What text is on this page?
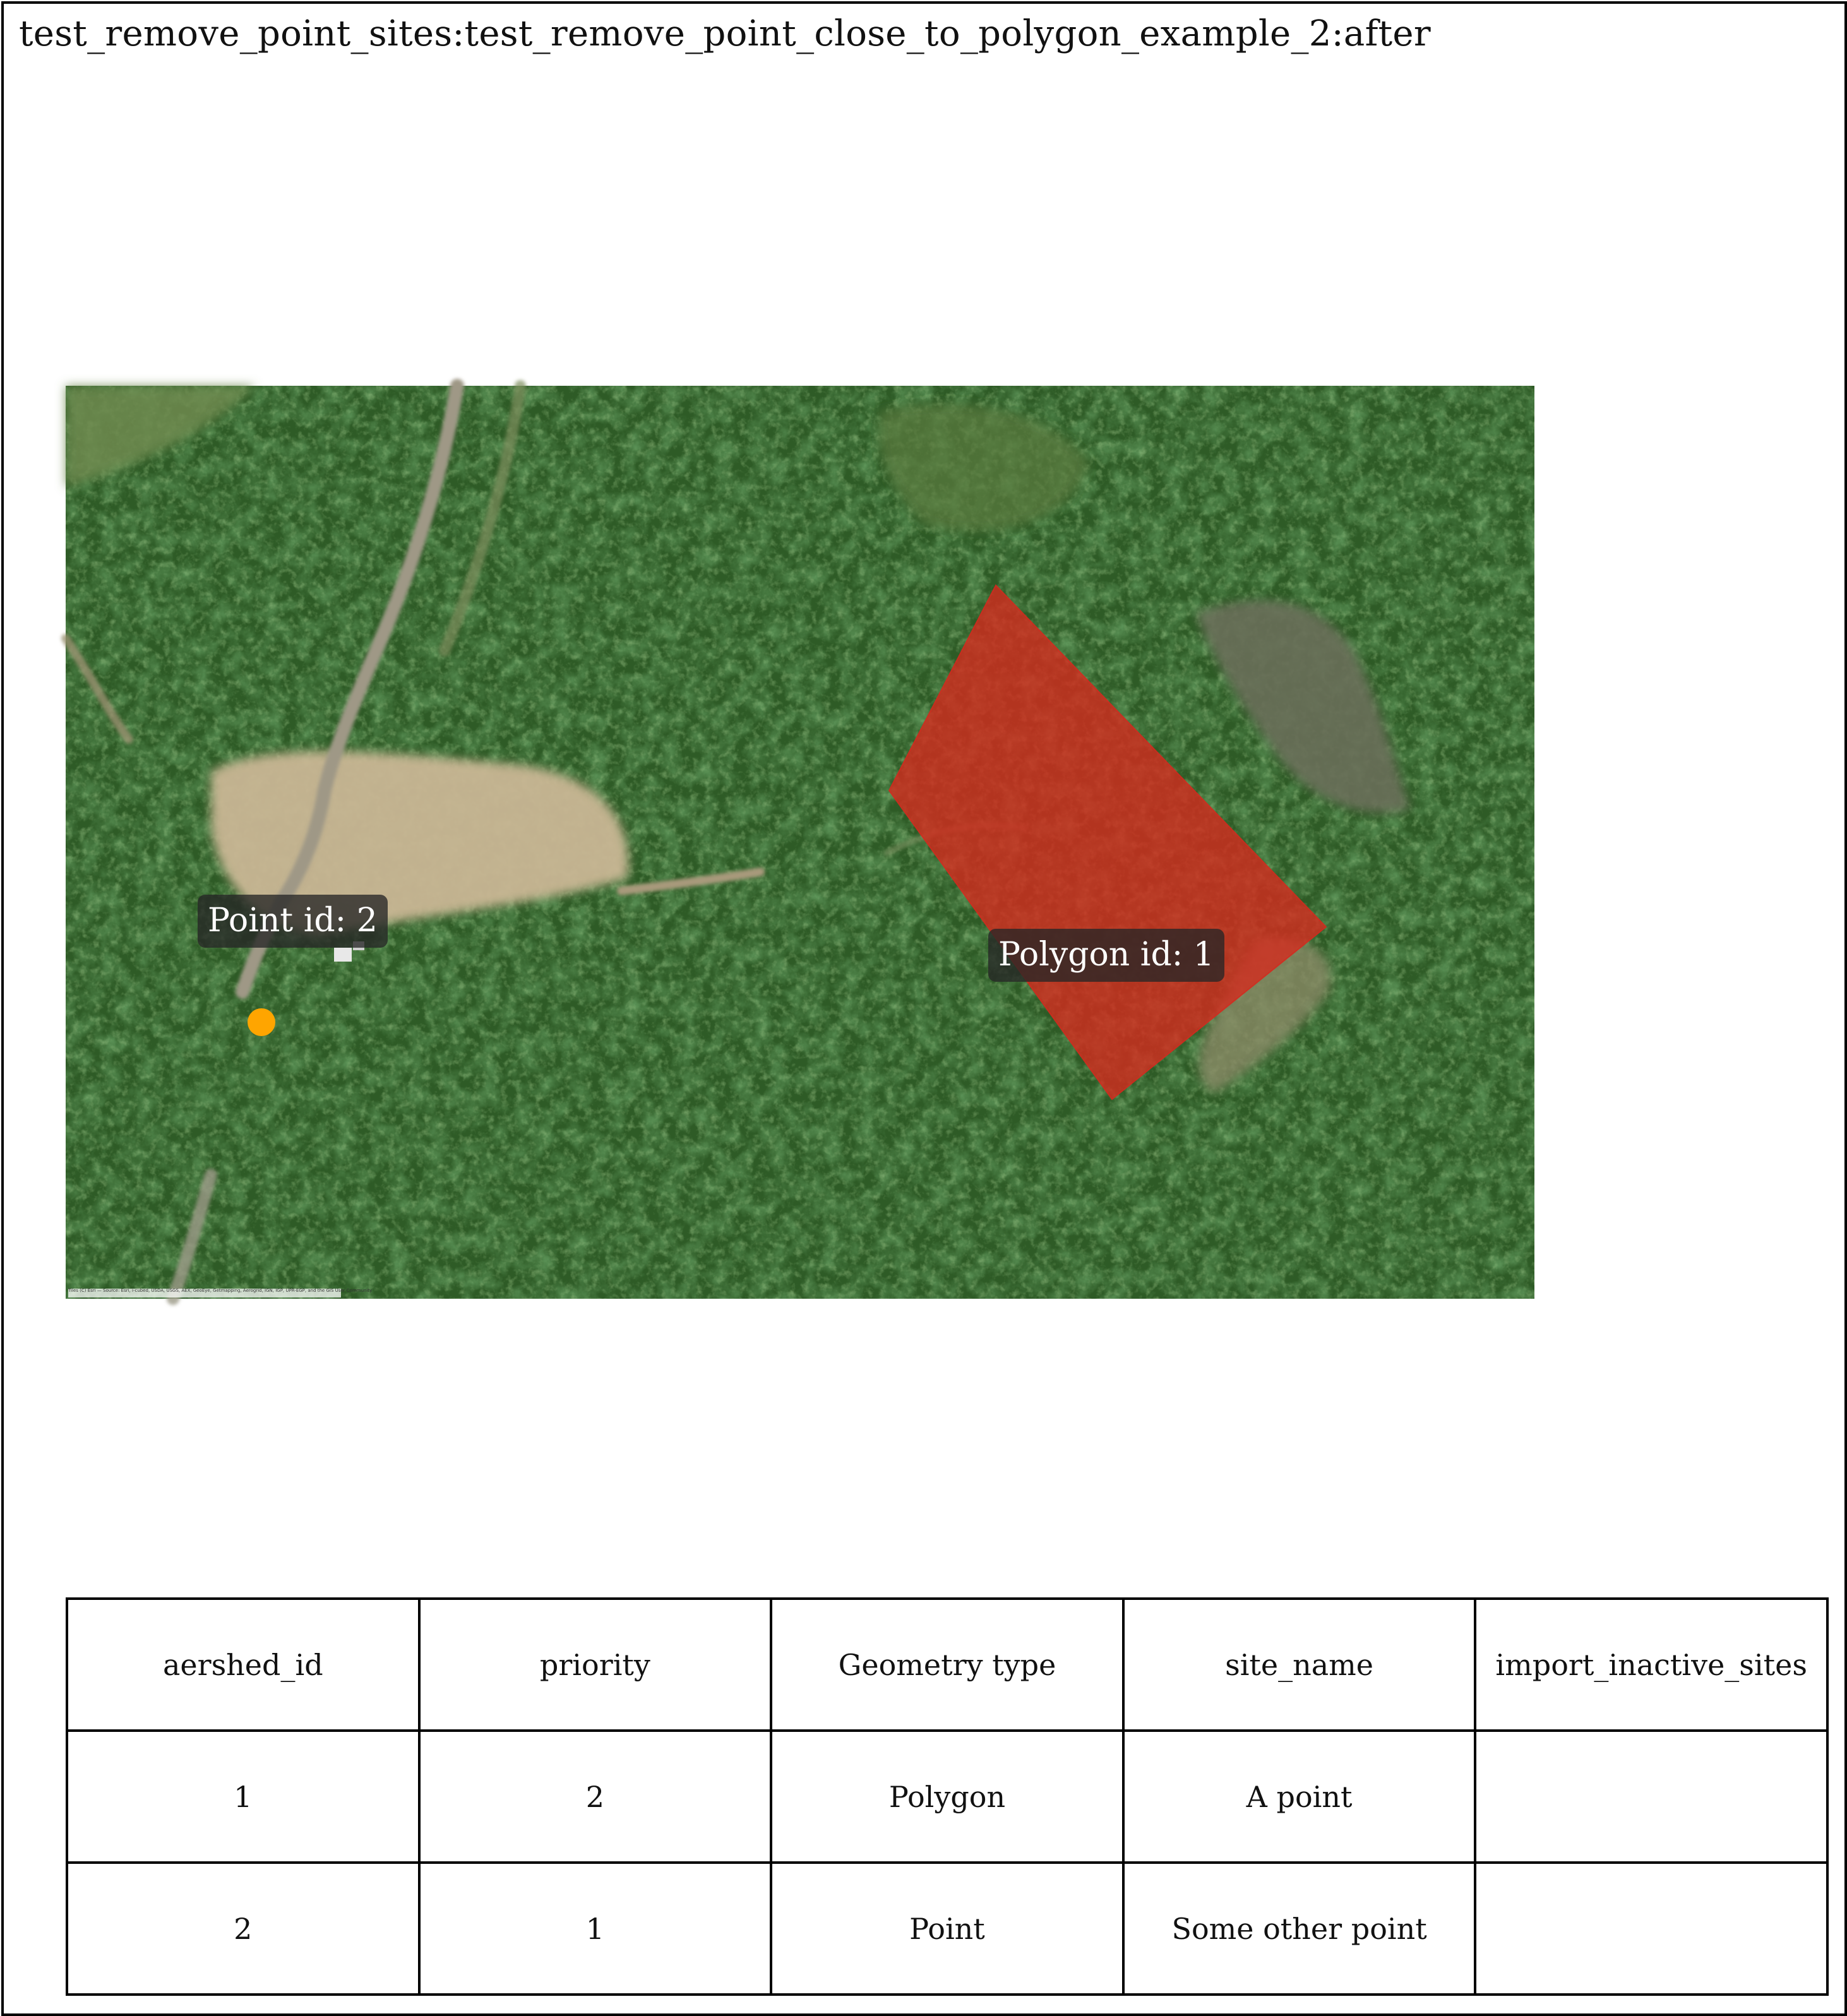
test_remove_point_sites:test_remove_point_close_to_polygon_example_2:after
Point id: 2
Polygon id: 1
Tiles (C) Esri — Source: Esri, i-cubed, USDA, USGS, AEX, GeoEye, Getmapping, Aerogrid, IGN, IGP, UPR-EGP, and the GIS User Community
aershed_id	priority	Geometry type	site_name	import_inactive_sites
1	2	Polygon	A point	
2	1	Point	Some other point	
